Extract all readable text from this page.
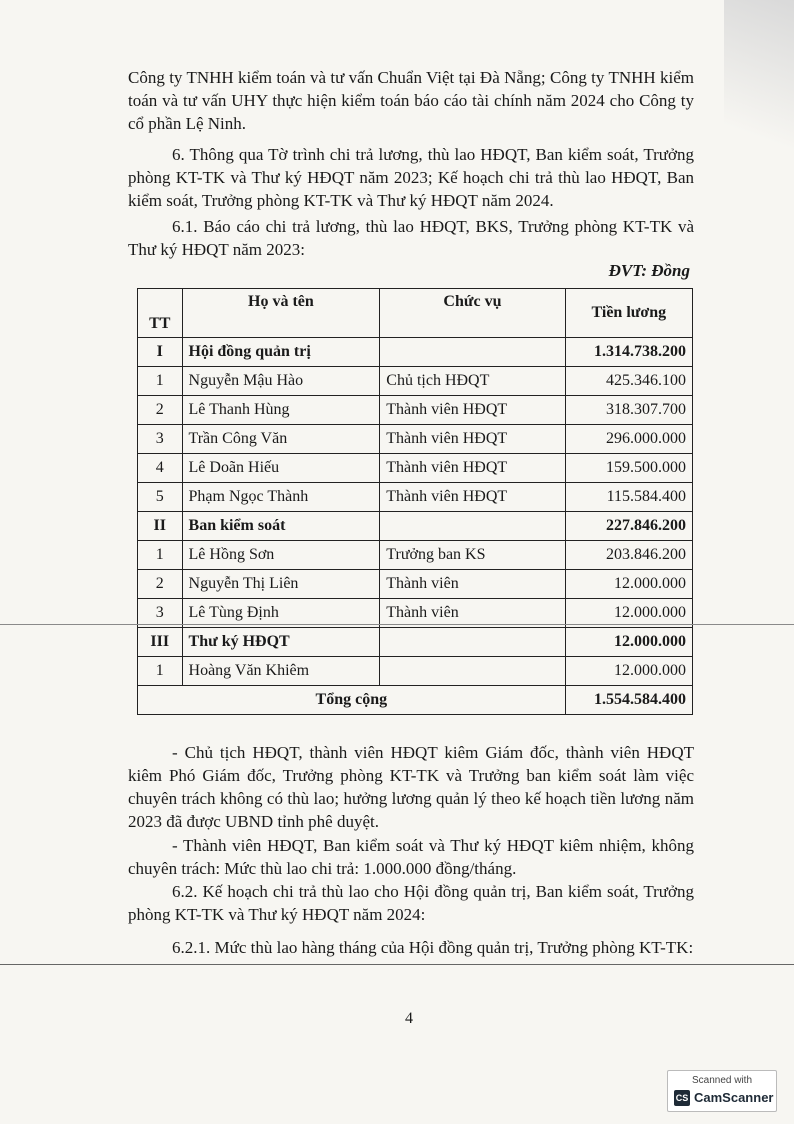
Công ty TNHH kiểm toán và tư vấn Chuẩn Việt tại Đà Nẵng; Công ty TNHH kiểm toán và tư vấn UHY thực hiện kiểm toán báo cáo tài chính năm 2024 cho Công ty cổ phần Lệ Ninh.

6. Thông qua Tờ trình chi trả lương, thù lao HĐQT, Ban kiểm soát, Trưởng phòng KT-TK và Thư ký HĐQT năm 2023; Kế hoạch chi trả thù lao HĐQT, Ban kiểm soát, Trưởng phòng KT-TK và Thư ký HĐQT năm 2024.

6.1. Báo cáo chi trả lương, thù lao HĐQT, BKS, Trưởng phòng KT-TK và Thư ký HĐQT năm 2023:

ĐVT: Đồng

TT	Họ và tên	Chức vụ	Tiền lương
I	Hội đồng quản trị		1.314.738.200
1	Nguyễn Mậu Hào	Chủ tịch HĐQT	425.346.100
2	Lê Thanh Hùng	Thành viên HĐQT	318.307.700
3	Trần Công Văn	Thành viên HĐQT	296.000.000
4	Lê Doãn Hiếu	Thành viên HĐQT	159.500.000
5	Phạm Ngọc Thành	Thành viên HĐQT	115.584.400
II	Ban kiểm soát		227.846.200
1	Lê Hồng Sơn	Trưởng ban KS	203.846.200
2	Nguyễn Thị Liên	Thành viên	12.000.000
3	Lê Tùng Định	Thành viên	12.000.000
III	Thư ký HĐQT		12.000.000
1	Hoàng Văn Khiêm		12.000.000
Tổng cộng			1.554.584.400

- Chủ tịch HĐQT, thành viên HĐQT kiêm Giám đốc, thành viên HĐQT kiêm Phó Giám đốc, Trưởng phòng KT-TK và Trưởng ban kiểm soát làm việc chuyên trách không có thù lao; hưởng lương quản lý theo kế hoạch tiền lương năm 2023 đã được UBND tỉnh phê duyệt.

- Thành viên HĐQT, Ban kiểm soát và Thư ký HĐQT kiêm nhiệm, không chuyên trách: Mức thù lao chi trả: 1.000.000 đồng/tháng.

6.2. Kế hoạch chi trả thù lao cho Hội đồng quản trị, Ban kiểm soát, Trưởng phòng KT-TK và Thư ký HĐQT năm 2024:

6.2.1. Mức thù lao hàng tháng của Hội đồng quản trị, Trưởng phòng KT-TK:

4
Scanned with
CS CamScanner
